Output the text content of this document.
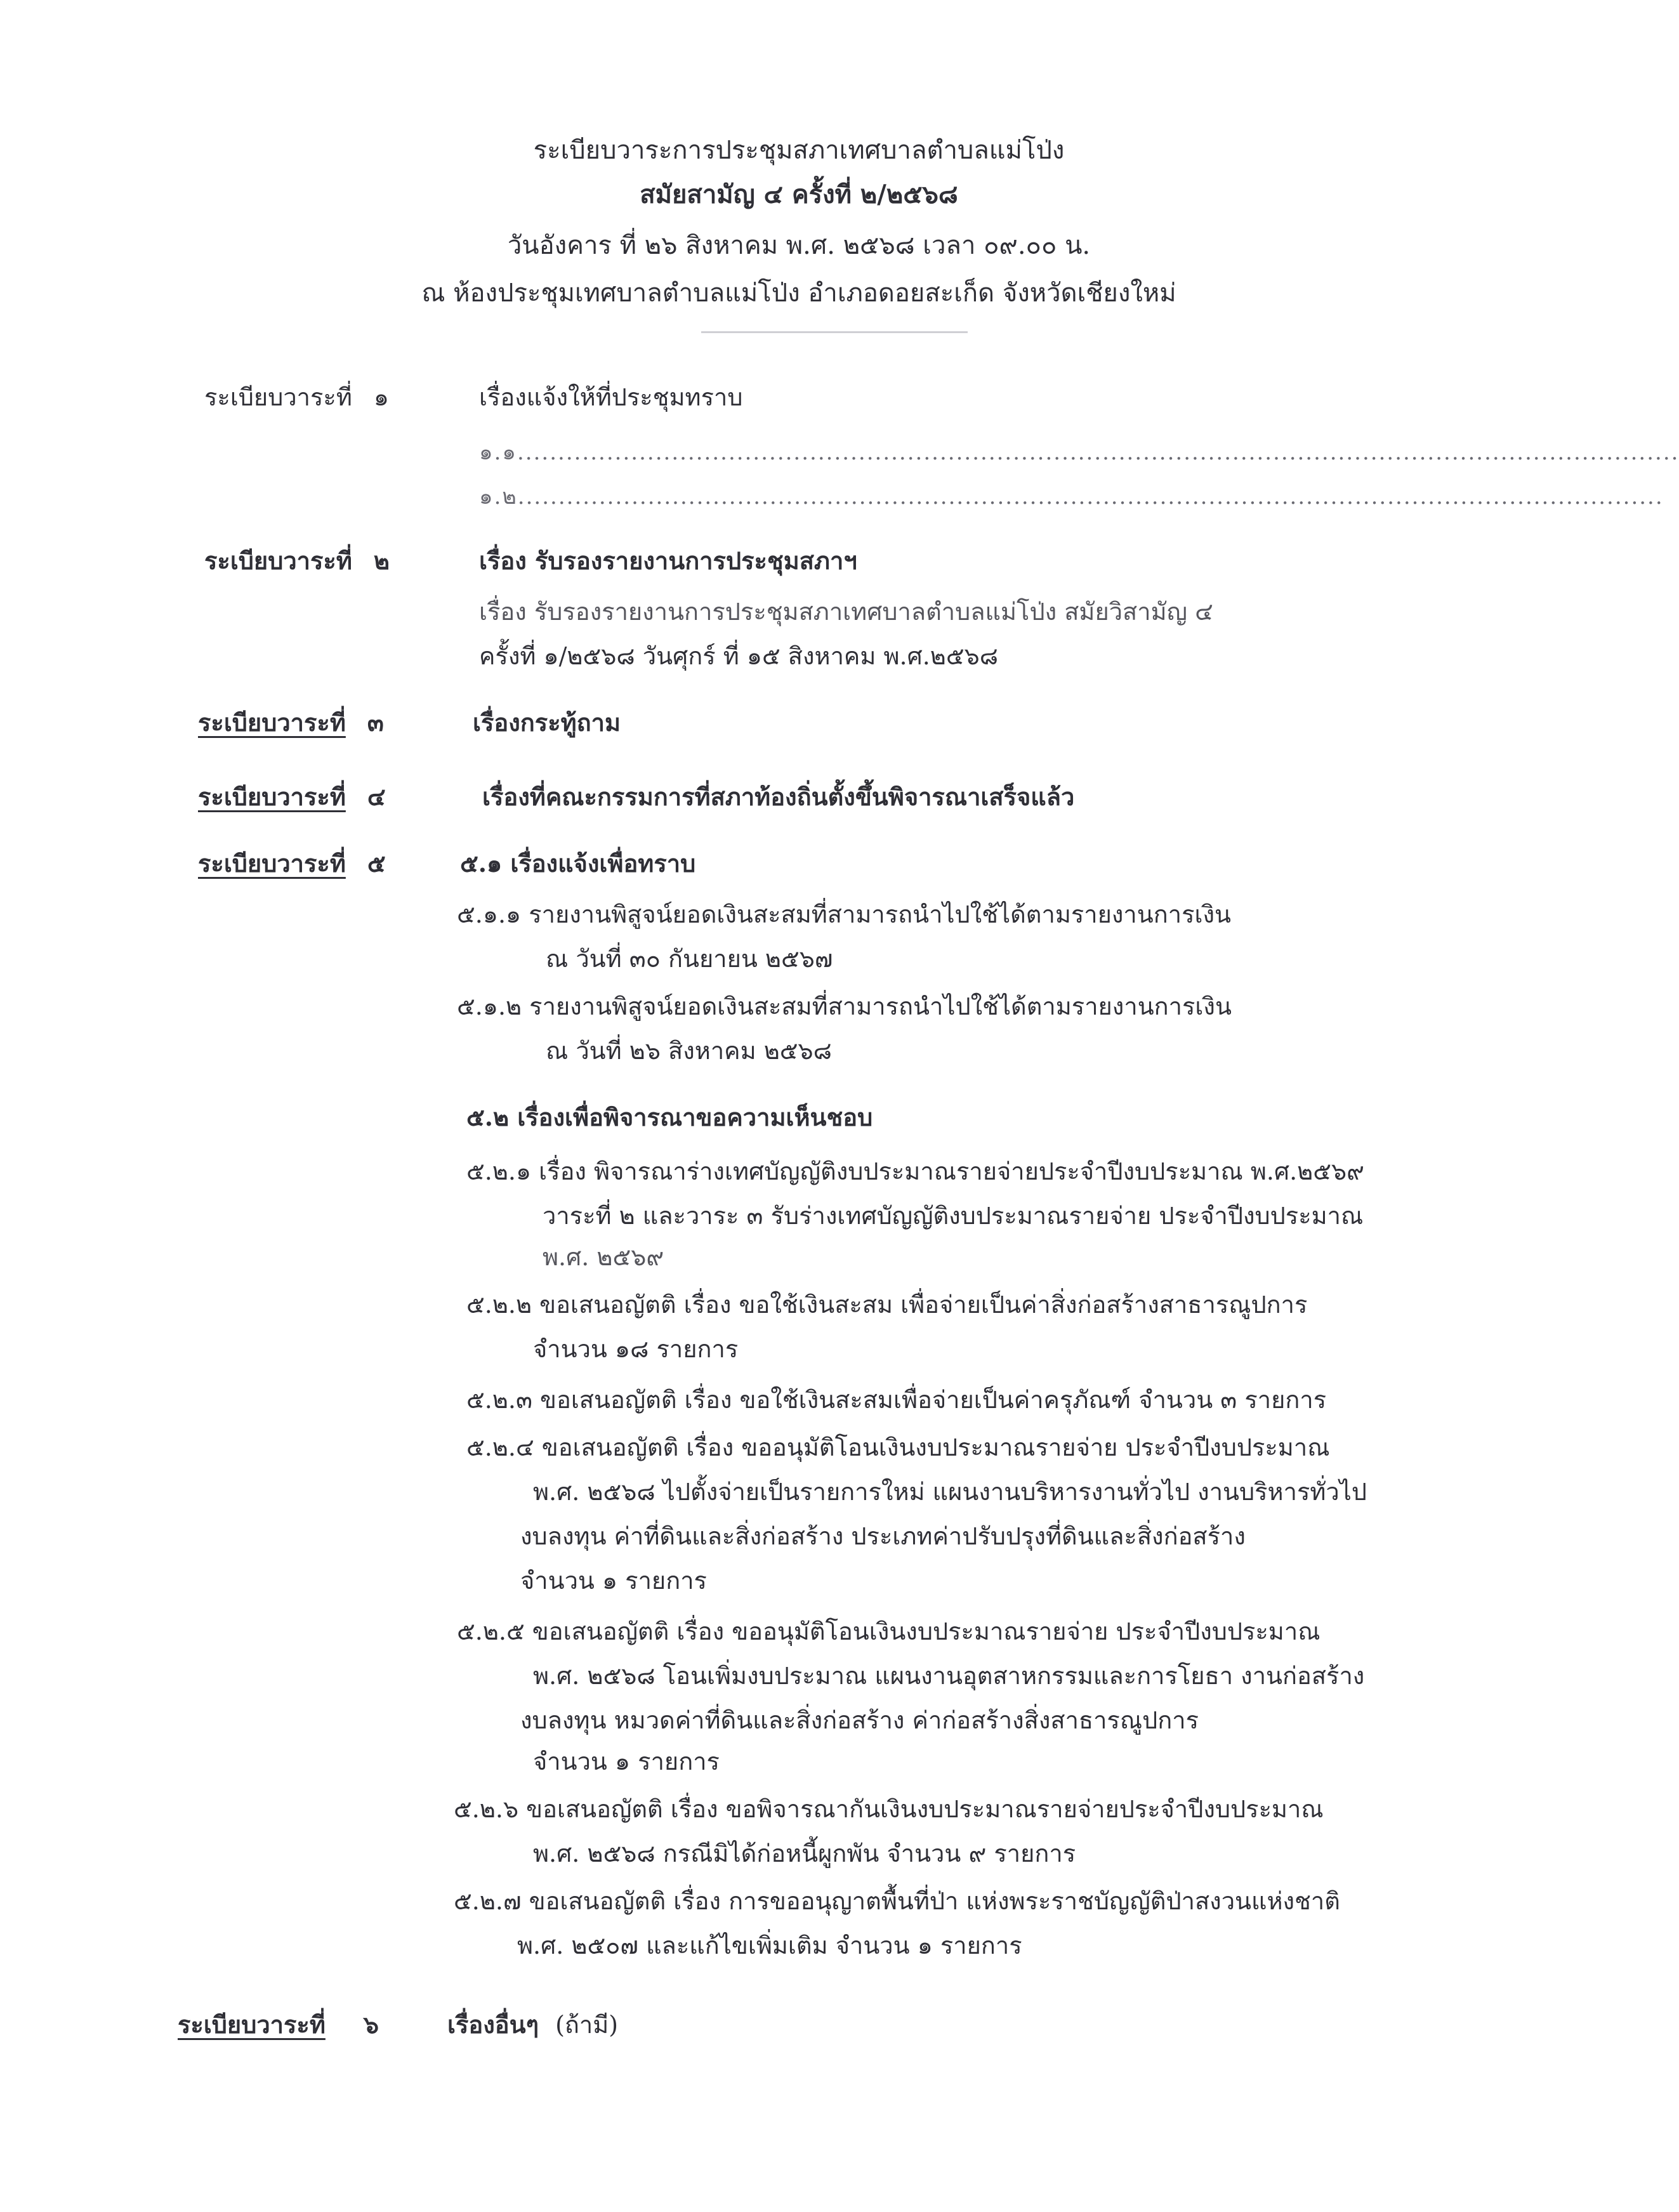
ระเบียบวาระการประชุมสภาเทศบาลตำบลแม่โป่ง
สมัยสามัญ ๔ ครั้งที่ ๒/๒๕๖๘
วันอังคาร ที่ ๒๖ สิงหาคม พ.ศ. ๒๕๖๘ เวลา ๐๙.๐๐ น.
ณ ห้องประชุมเทศบาลตำบลแม่โป่ง อำเภอดอยสะเก็ด จังหวัดเชียงใหม่
ระเบียบวาระที่ ๑	เรื่องแจ้งให้ที่ประชุมทราบ
๑.๑...............................................................................................................................................
๑.๒.............................................................................................................................................
ระเบียบวาระที่ ๒	เรื่อง รับรองรายงานการประชุมสภาฯ
เรื่อง รับรองรายงานการประชุมสภาเทศบาลตำบลแม่โป่ง สมัยวิสามัญ ๔
ครั้งที่ ๑/๒๕๖๘ วันศุกร์ ที่ ๑๕ สิงหาคม พ.ศ.๒๕๖๘
ระเบียบวาระที่ ๓	เรื่องกระทู้ถาม
ระเบียบวาระที่ ๔	เรื่องที่คณะกรรมการที่สภาท้องถิ่นตั้งขึ้นพิจารณาเสร็จแล้ว
ระเบียบวาระที่ ๕	๕.๑ เรื่องแจ้งเพื่อทราบ
๕.๑.๑ รายงานพิสูจน์ยอดเงินสะสมที่สามารถนำไปใช้ได้ตามรายงานการเงิน
ณ วันที่ ๓๐ กันยายน ๒๕๖๗
๕.๑.๒ รายงานพิสูจน์ยอดเงินสะสมที่สามารถนำไปใช้ได้ตามรายงานการเงิน
ณ วันที่ ๒๖ สิงหาคม ๒๕๖๘
๕.๒ เรื่องเพื่อพิจารณาขอความเห็นชอบ
๕.๒.๑ เรื่อง พิจารณาร่างเทศบัญญัติงบประมาณรายจ่ายประจำปีงบประมาณ พ.ศ.๒๕๖๙
วาระที่ ๒ และวาระ ๓ รับร่างเทศบัญญัติงบประมาณรายจ่าย ประจำปีงบประมาณ
พ.ศ. ๒๕๖๙
๕.๒.๒ ขอเสนอญัตติ เรื่อง ขอใช้เงินสะสม เพื่อจ่ายเป็นค่าสิ่งก่อสร้างสาธารณูปการ
จำนวน ๑๘ รายการ
๕.๒.๓ ขอเสนอญัตติ เรื่อง ขอใช้เงินสะสมเพื่อจ่ายเป็นค่าครุภัณฑ์ จำนวน ๓ รายการ
๕.๒.๔ ขอเสนอญัตติ เรื่อง ขออนุมัติโอนเงินงบประมาณรายจ่าย ประจำปีงบประมาณ
พ.ศ. ๒๕๖๘ ไปตั้งจ่ายเป็นรายการใหม่ แผนงานบริหารงานทั่วไป งานบริหารทั่วไป
งบลงทุน ค่าที่ดินและสิ่งก่อสร้าง ประเภทค่าปรับปรุงที่ดินและสิ่งก่อสร้าง
จำนวน ๑ รายการ
๕.๒.๕ ขอเสนอญัตติ เรื่อง ขออนุมัติโอนเงินงบประมาณรายจ่าย ประจำปีงบประมาณ
พ.ศ. ๒๕๖๘ โอนเพิ่มงบประมาณ แผนงานอุตสาหกรรมและการโยธา งานก่อสร้าง
งบลงทุน หมวดค่าที่ดินและสิ่งก่อสร้าง ค่าก่อสร้างสิ่งสาธารณูปการ
จำนวน ๑ รายการ
๕.๒.๖ ขอเสนอญัตติ เรื่อง ขอพิจารณากันเงินงบประมาณรายจ่ายประจำปีงบประมาณ
พ.ศ. ๒๕๖๘ กรณีมิได้ก่อหนี้ผูกพัน จำนวน ๙ รายการ
๕.๒.๗ ขอเสนอญัตติ เรื่อง การขออนุญาตพื้นที่ป่า แห่งพระราชบัญญัติป่าสงวนแห่งชาติ
พ.ศ. ๒๕๐๗ และแก้ไขเพิ่มเติม จำนวน ๑ รายการ
ระเบียบวาระที่ ๖	เรื่องอื่นๆ (ถ้ามี)
